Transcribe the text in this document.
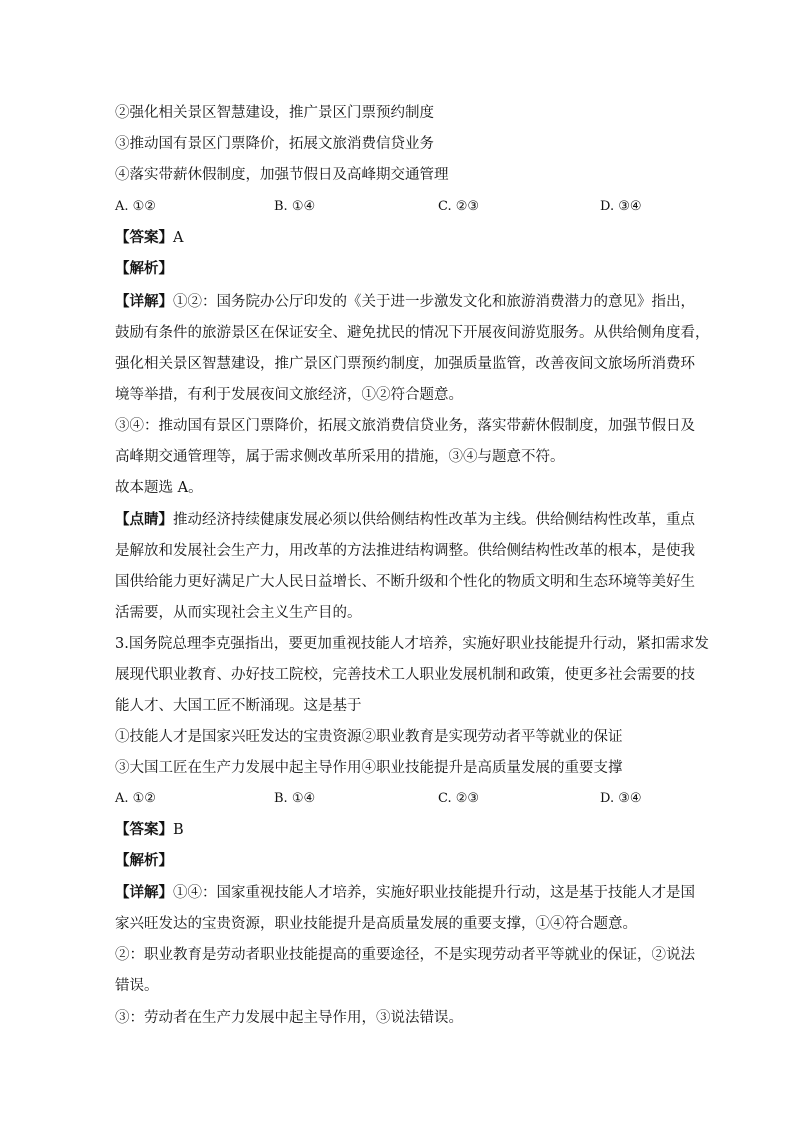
②强化相关景区智慧建设，推广景区门票预约制度
③推动国有景区门票降价，拓展文旅消费信贷业务
④落实带薪休假制度，加强节假日及高峰期交通管理
A. ①②	B. ①④	C. ②③	D. ③④
【答案】A
【解析】
【详解】①②：国务院办公厅印发的《关于进一步激发文化和旅游消费潜力的意见》指出，
鼓励有条件的旅游景区在保证安全、避免扰民的情况下开展夜间游览服务。从供给侧角度看，
强化相关景区智慧建设，推广景区门票预约制度，加强质量监管，改善夜间文旅场所消费环
境等举措，有利于发展夜间文旅经济，①②符合题意。
③④：推动国有景区门票降价，拓展文旅消费信贷业务，落实带薪休假制度，加强节假日及
高峰期交通管理等，属于需求侧改革所采用的措施，③④与题意不符。
故本题选 A。
【点睛】推动经济持续健康发展必须以供给侧结构性改革为主线。供给侧结构性改革，重点
是解放和发展社会生产力，用改革的方法推进结构调整。供给侧结构性改革的根本，是使我
国供给能力更好满足广大人民日益增长、不断升级和个性化的物质文明和生态环境等美好生
活需要，从而实现社会主义生产目的。
3.国务院总理李克强指出，要更加重视技能人才培养，实施好职业技能提升行动，紧扣需求发
展现代职业教育、办好技工院校，完善技术工人职业发展机制和政策，使更多社会需要的技
能人才、大国工匠不断涌现。这是基于
①技能人才是国家兴旺发达的宝贵资源②职业教育是实现劳动者平等就业的保证
③大国工匠在生产力发展中起主导作用④职业技能提升是高质量发展的重要支撑
A. ①②	B. ①④	C. ②③	D. ③④
【答案】B
【解析】
【详解】①④：国家重视技能人才培养，实施好职业技能提升行动，这是基于技能人才是国
家兴旺发达的宝贵资源，职业技能提升是高质量发展的重要支撑，①④符合题意。
②：职业教育是劳动者职业技能提高的重要途径，不是实现劳动者平等就业的保证，②说法
错误。
③：劳动者在生产力发展中起主导作用，③说法错误。
